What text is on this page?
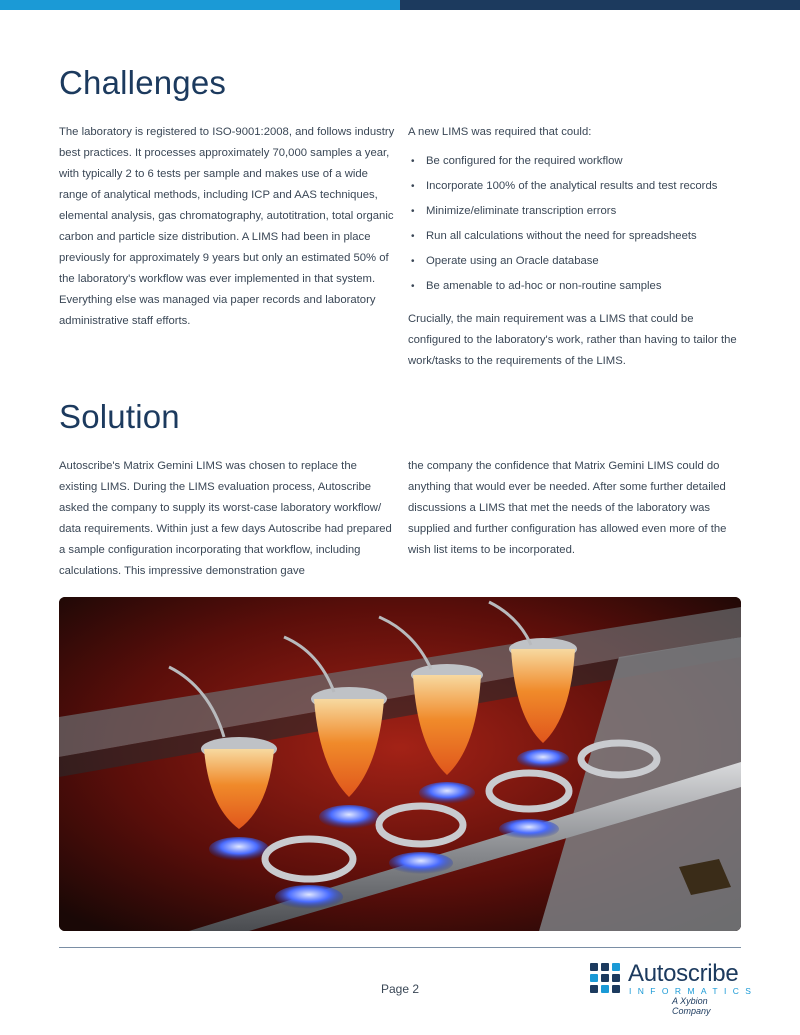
Challenges

The laboratory is registered to ISO-9001:2008, and follows industry best practices. It processes approximately 70,000 samples a year, with typically 2 to 6 tests per sample and makes use of a wide range of analytical methods, including ICP and AAS techniques, elemental analysis, gas chromatography, autotitration, total organic carbon and particle size distribution. A LIMS had been in place previously for approximately 9 years but only an estimated 50% of the laboratory's workflow was ever implemented in that system. Everything else was managed via paper records and laboratory administrative staff efforts.

A new LIMS was required that could:

• Be configured for the required workflow
• Incorporate 100% of the analytical results and test records
• Minimize/eliminate transcription errors
• Run all calculations without the need for spreadsheets
• Operate using an Oracle database
• Be amenable to ad-hoc or non-routine samples

Crucially, the main requirement was a LIMS that could be configured to the laboratory's work, rather than having to tailor the work/tasks to the requirements of the LIMS.

Solution

Autoscribe's Matrix Gemini LIMS was chosen to replace the existing LIMS. During the LIMS evaluation process, Autoscribe asked the company to supply its worst-case laboratory workflow/ data requirements. Within just a few days Autoscribe had prepared a sample configuration incorporating that workflow, including calculations. This impressive demonstration gave

the company the confidence that Matrix Gemini LIMS could do anything that would ever be needed. After some further detailed discussions a LIMS that met the needs of the laboratory was supplied and further configuration has allowed even more of the wish list items to be incorporated.

Page 2
Autoscribe
INFORMATICS
A Xybion Company
